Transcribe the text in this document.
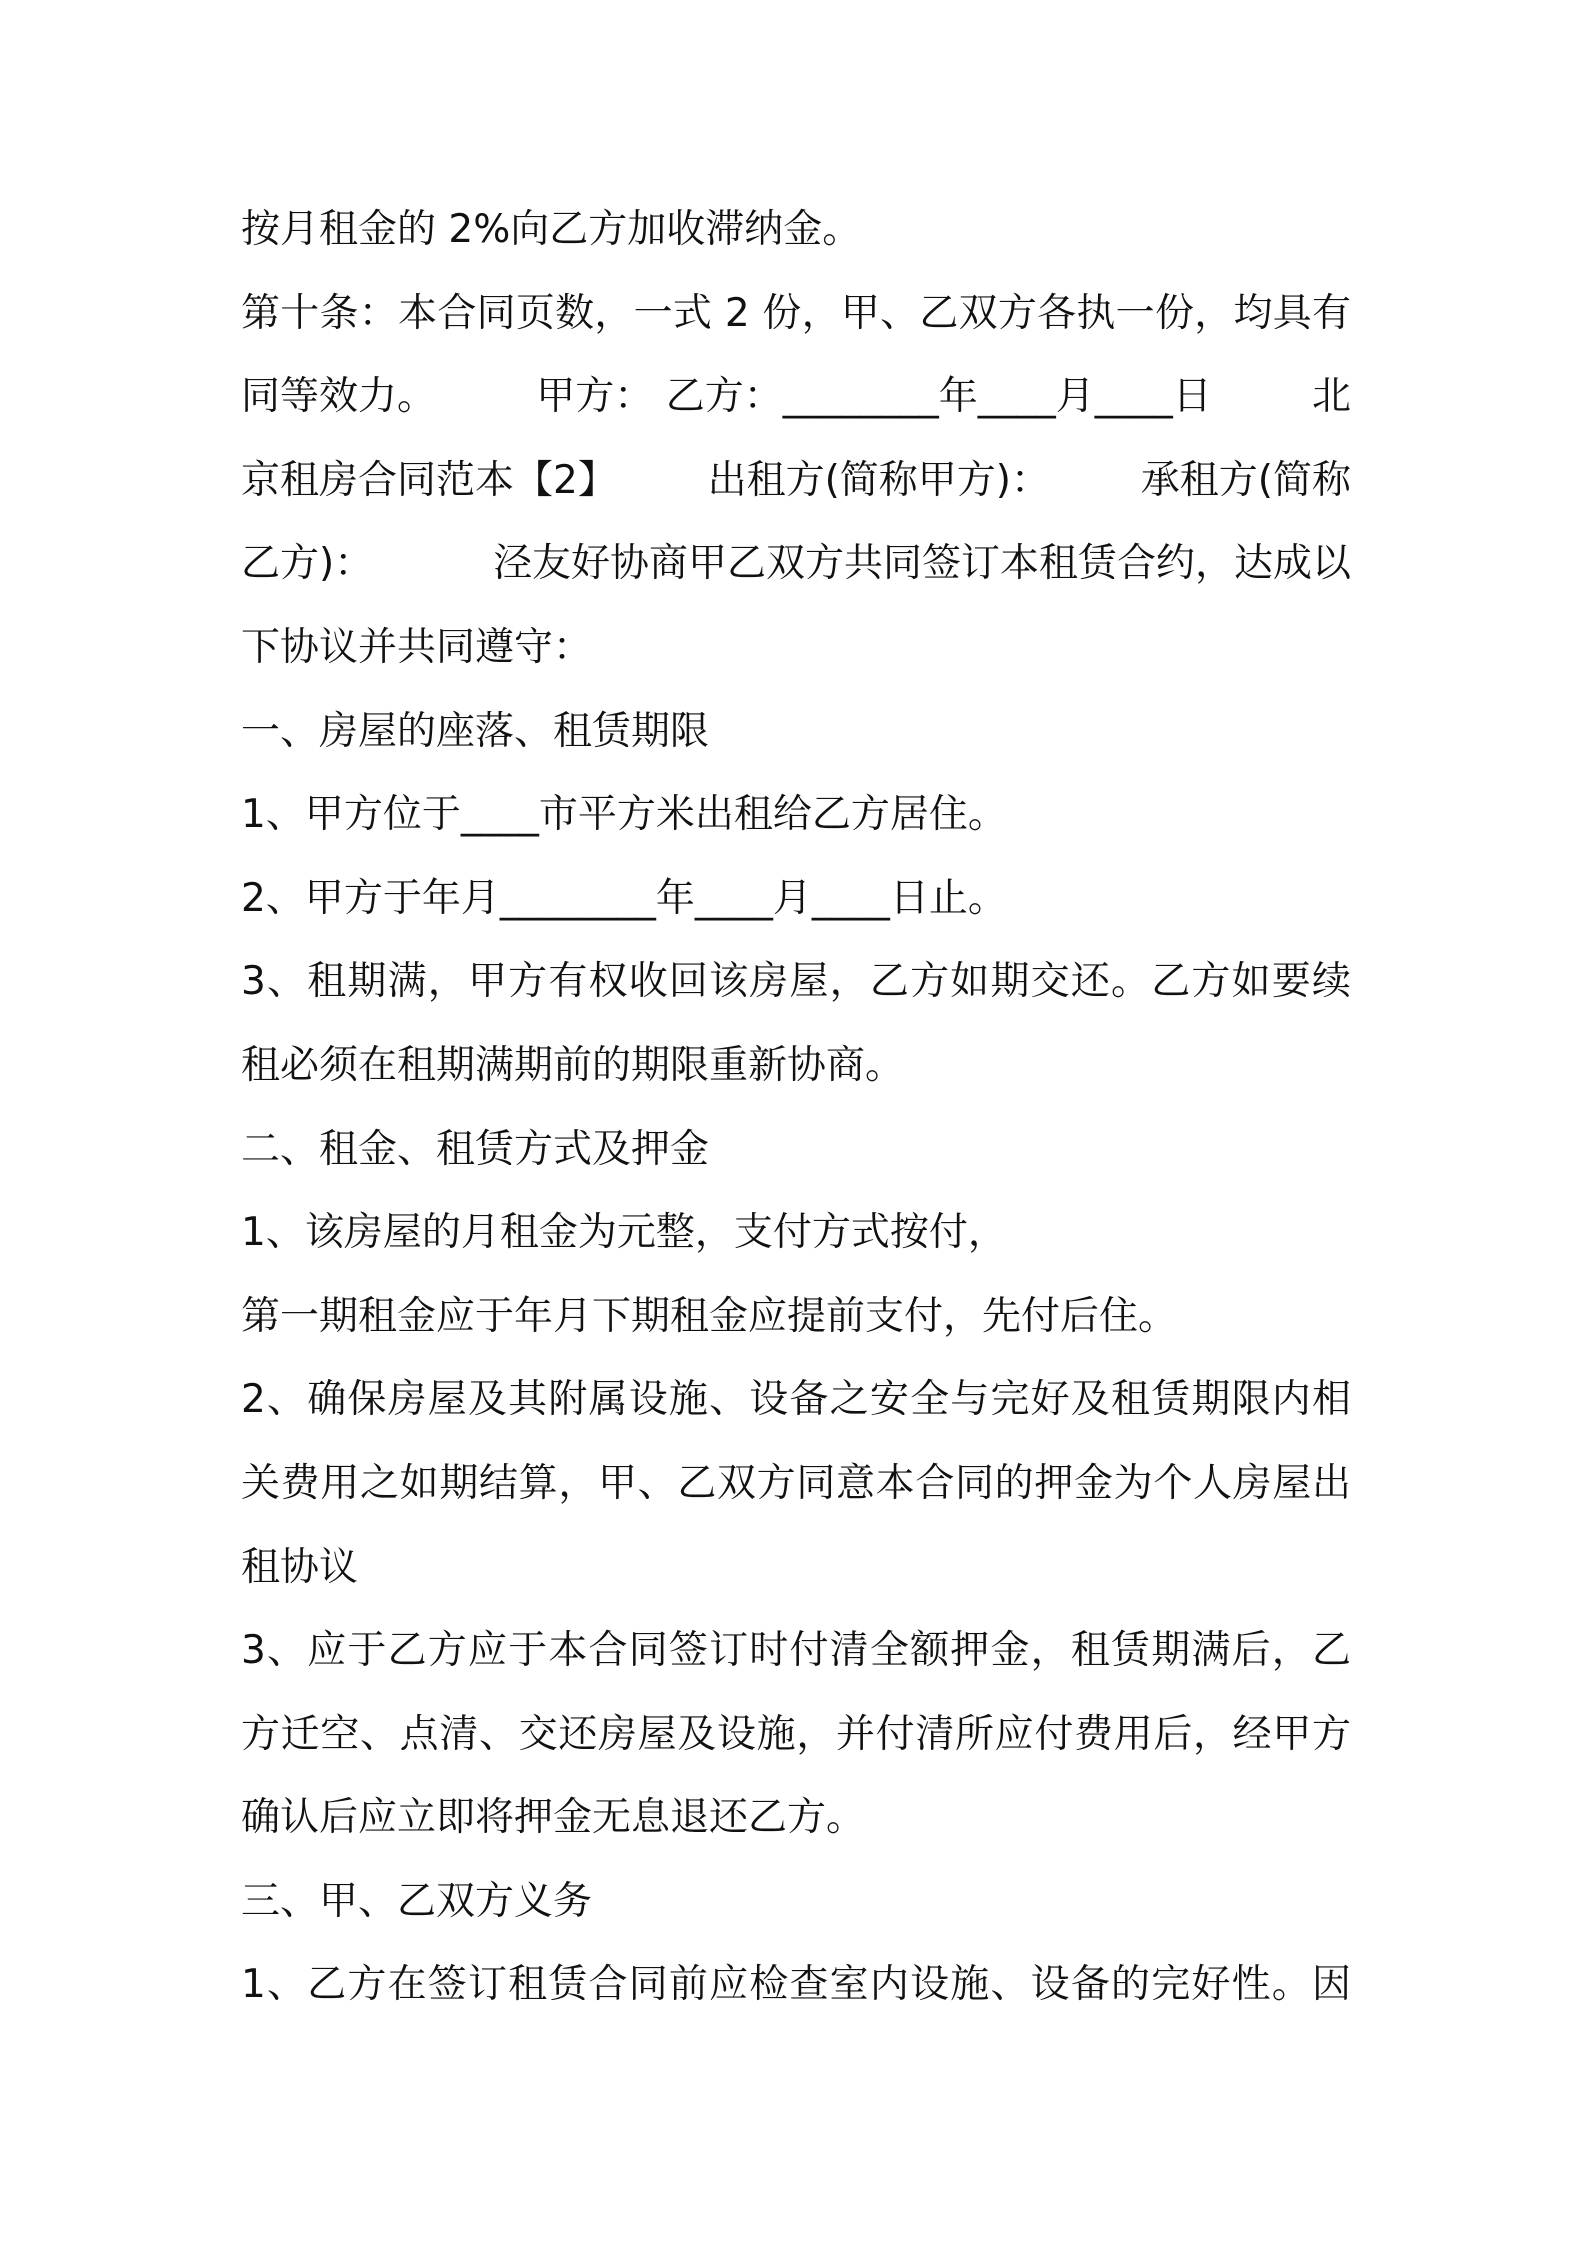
按月租金的 2%向乙方加收滞纳金。
第十条：本合同页数，一式 2 份，甲、乙双方各执一份，均具有
同等效力。	甲方： 乙方：________年____月____日	北
京租房合同范本【2】 出租方(简称甲方)： 承租方(简称
乙方)：	泾友好协商甲乙双方共同签订本租赁合约，达成以
下协议并共同遵守：
一、房屋的座落、租赁期限
1、甲方位于____市平方米出租给乙方居住。
2、甲方于年月________年____月____日止。
3、租期满，甲方有权收回该房屋，乙方如期交还。乙方如要续
租必须在租期满期前的期限重新协商。
二、租金、租赁方式及押金
1、该房屋的月租金为元整，支付方式按付，
第一期租金应于年月下期租金应提前支付，先付后住。
2、确保房屋及其附属设施、设备之安全与完好及租赁期限内相
关费用之如期结算，甲、乙双方同意本合同的押金为个人房屋出
租协议
3、应于乙方应于本合同签订时付清全额押金，租赁期满后，乙
方迁空、点清、交还房屋及设施，并付清所应付费用后，经甲方
确认后应立即将押金无息退还乙方。
三、甲、乙双方义务
1、乙方在签订租赁合同前应检查室内设施、设备的完好性。因
